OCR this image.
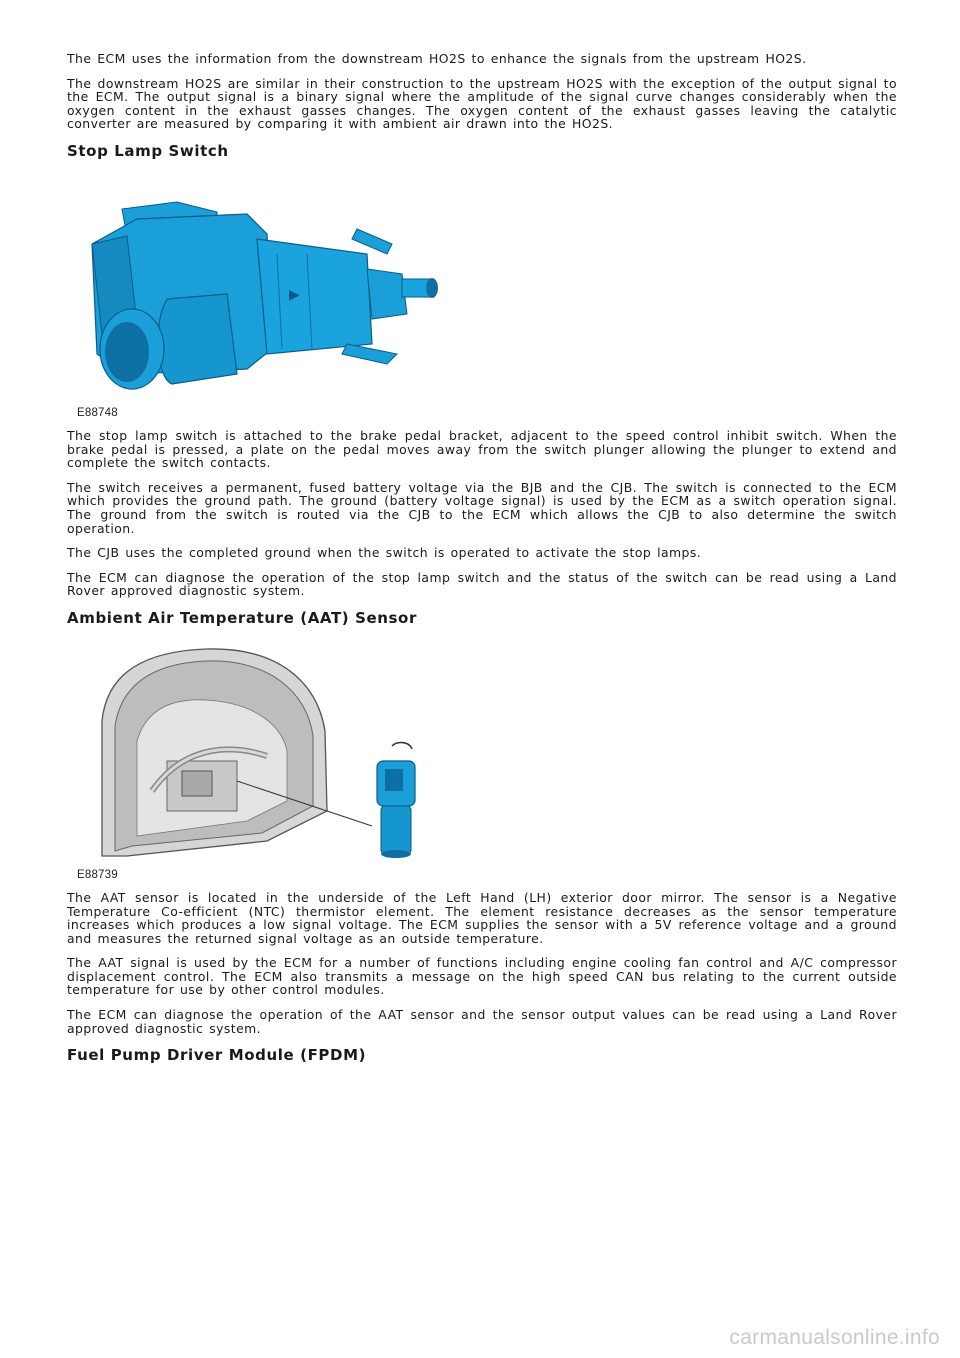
The ECM uses the information from the downstream HO2S to enhance the signals from the upstream HO2S.

The downstream HO2S are similar in their construction to the upstream HO2S with the exception of the output signal to the ECM. The output signal is a binary signal where the amplitude of the signal curve changes considerably when the oxygen content in the exhaust gasses changes. The oxygen content of the exhaust gasses leaving the catalytic converter are measured by comparing it with ambient air drawn into the HO2S.

Stop Lamp Switch
▶
E88748

The stop lamp switch is attached to the brake pedal bracket, adjacent to the speed control inhibit switch. When the brake pedal is pressed, a plate on the pedal moves away from the switch plunger allowing the plunger to extend and complete the switch contacts.

The switch receives a permanent, fused battery voltage via the BJB and the CJB. The switch is connected to the ECM which provides the ground path. The ground (battery voltage signal) is used by the ECM as a switch operation signal. The ground from the switch is routed via the CJB to the ECM which allows the CJB to also determine the switch operation.

The CJB uses the completed ground when the switch is operated to activate the stop lamps.

The ECM can diagnose the operation of the stop lamp switch and the status of the switch can be read using a Land Rover approved diagnostic system.

Ambient Air Temperature (AAT) Sensor
E88739

The AAT sensor is located in the underside of the Left Hand (LH) exterior door mirror. The sensor is a Negative Temperature Co-efficient (NTC) thermistor element. The element resistance decreases as the sensor temperature increases which produces a low signal voltage. The ECM supplies the sensor with a 5V reference voltage and a ground and measures the returned signal voltage as an outside temperature.

The AAT signal is used by the ECM for a number of functions including engine cooling fan control and A/C compressor displacement control. The ECM also transmits a message on the high speed CAN bus relating to the current outside temperature for use by other control modules.

The ECM can diagnose the operation of the AAT sensor and the sensor output values can be read using a Land Rover approved diagnostic system.

Fuel Pump Driver Module (FPDM)
carmanualsonline.info
